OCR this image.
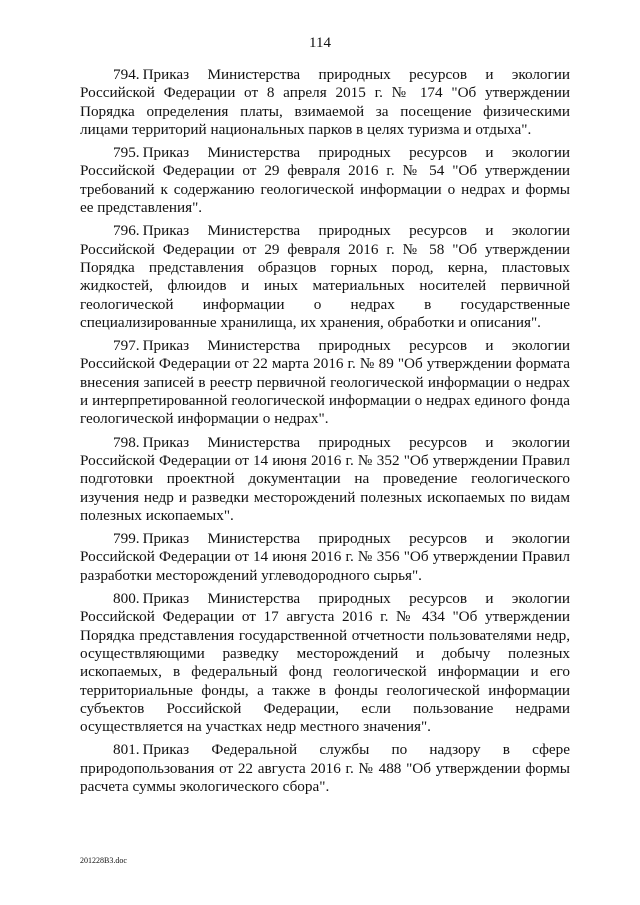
114

794. Приказ Министерства природных ресурсов и экологии Российской Федерации от 8 апреля 2015 г. № 174 "Об утверждении Порядка определения платы, взимаемой за посещение физическими лицами территорий национальных парков в целях туризма и отдыха".

795. Приказ Министерства природных ресурсов и экологии Российской Федерации от 29 февраля 2016 г. № 54 "Об утверждении требований к содержанию геологической информации о недрах и формы ее представления".

796. Приказ Министерства природных ресурсов и экологии Российской Федерации от 29 февраля 2016 г. № 58 "Об утверждении Порядка представления образцов горных пород, керна, пластовых жидкостей, флюидов и иных материальных носителей первичной геологической информации о недрах в государственные специализированные хранилища, их хранения, обработки и описания".

797. Приказ Министерства природных ресурсов и экологии Российской Федерации от 22 марта 2016 г. № 89 "Об утверждении формата внесения записей в реестр первичной геологической информации о недрах и интерпретированной геологической информации о недрах единого фонда геологической информации о недрах".

798. Приказ Министерства природных ресурсов и экологии Российской Федерации от 14 июня 2016 г. № 352 "Об утверждении Правил подготовки проектной документации на проведение геологического изучения недр и разведки месторождений полезных ископаемых по видам полезных ископаемых".

799. Приказ Министерства природных ресурсов и экологии Российской Федерации от 14 июня 2016 г. № 356 "Об утверждении Правил разработки месторождений углеводородного сырья".

800. Приказ Министерства природных ресурсов и экологии Российской Федерации от 17 августа 2016 г. № 434 "Об утверждении Порядка представления государственной отчетности пользователями недр, осуществляющими разведку месторождений и добычу полезных ископаемых, в федеральный фонд геологической информации и его территориальные фонды, а также в фонды геологической информации субъектов Российской Федерации, если пользование недрами осуществляется на участках недр местного значения".

801. Приказ Федеральной службы по надзору в сфере природопользования от 22 августа 2016 г. № 488 "Об утверждении формы расчета суммы экологического сбора".

201228B3.doc
